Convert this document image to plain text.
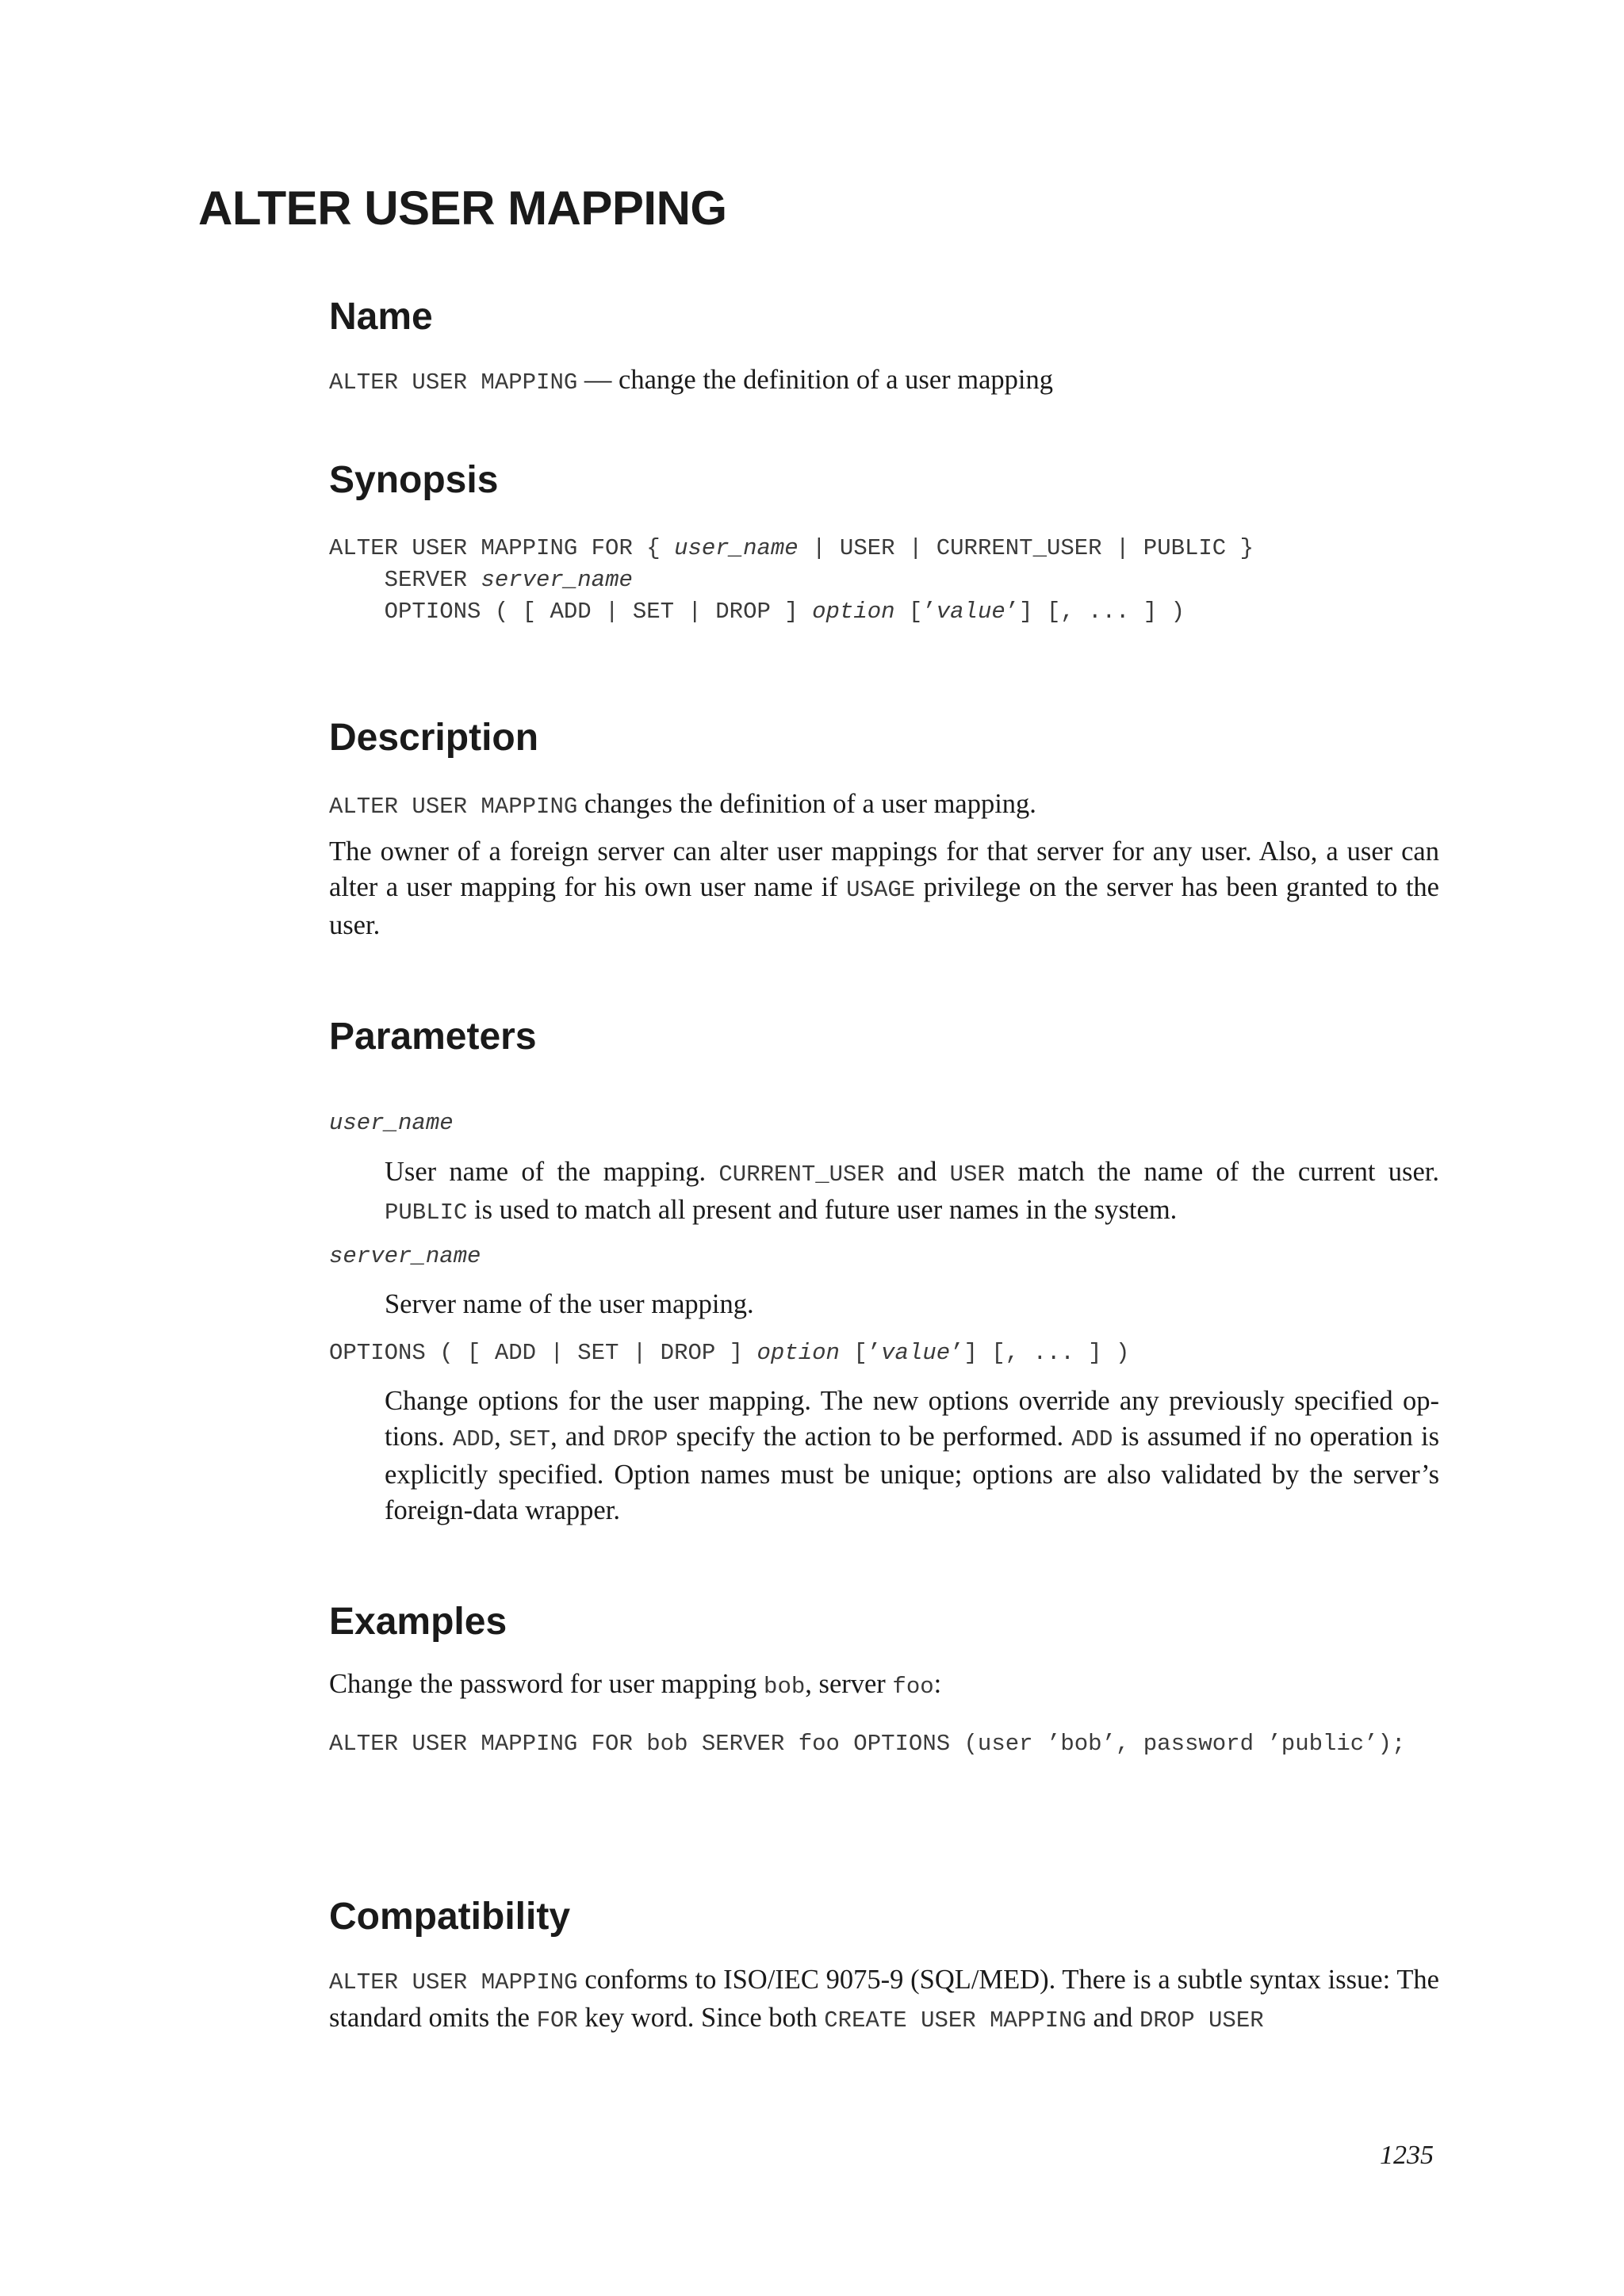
ALTER USER MAPPING
Name

ALTER USER MAPPING — change the definition of a user mapping

Synopsis
ALTER USER MAPPING FOR { user_name | USER | CURRENT_USER | PUBLIC }
SERVER server_name
OPTIONS ( [ ADD | SET | DROP ] option [’value’] [, ... ] )
Description

ALTER USER MAPPING changes the definition of a user mapping.

The owner of a foreign server can alter user mappings for that server for any user. Also, a user can alter a user mapping for his own user name if USAGE privilege on the server has been granted to the user.

Parameters
user_name

User name of the mapping. CURRENT_USER and USER match the name of the current user. PUBLIC is used to match all present and future user names in the system.

server_name

Server name of the user mapping.

OPTIONS ( [ ADD | SET | DROP ] option [’value’] [, ... ] )

Change options for the user mapping. The new options override any previously specified op- tions. ADD, SET, and DROP specify the action to be performed. ADD is assumed if no operation is explicitly specified. Option names must be unique; options are also validated by the server’s foreign-data wrapper.

Examples

Change the password for user mapping bob, server foo:

ALTER USER MAPPING FOR bob SERVER foo OPTIONS (user ’bob’, password ’public’);
Compatibility

ALTER USER MAPPING conforms to ISO/IEC 9075-9 (SQL/MED). There is a subtle syntax issue: The standard omits the FOR key word. Since both CREATE USER MAPPING and DROP USER

1235
